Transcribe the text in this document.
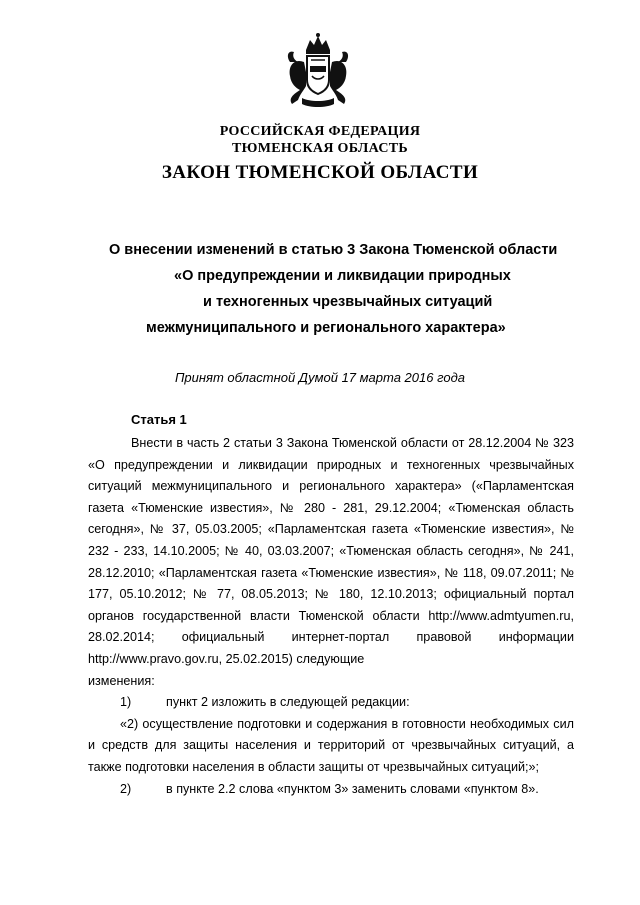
РОССИЙСКАЯ ФЕДЕРАЦИЯ
ТЮМЕНСКАЯ ОБЛАСТЬ
ЗАКОН ТЮМЕНСКОЙ ОБЛАСТИ
О внесении изменений в статью 3 Закона Тюменской области
«О предупреждении и ликвидации природных
и техногенных чрезвычайных ситуаций
межмуниципального и регионального характера»
Принят областной Думой 17 марта 2016 года
Статья 1

Внести в часть 2 статьи 3 Закона Тюменской области от 28.12.2004 № 323 «О предупреждении и ликвидации природных и техногенных чрезвычайных ситуаций межмуниципального и регионального характера» («Парламентская газета «Тюменские известия», № 280 - 281, 29.12.2004; «Тюменская область сегодня», № 37, 05.03.2005; «Парламентская газета «Тюменские известия», № 232 - 233, 14.10.2005; № 40, 03.03.2007; «Тюменская область сегодня», № 241, 28.12.2010; «Парламентская газета «Тюменские известия», № 118, 09.07.2011; № 177, 05.10.2012; № 77, 08.05.2013; № 180, 12.10.2013; официальный портал органов государственной власти Тюменской области http://www.admtyumen.ru, 28.02.2014; официальный интернет-портал правовой информации http://www.pravo.gov.ru, 25.02.2015) следующие

изменения:

1)	пункт 2 изложить в следующей редакции:

«2) осуществление подготовки и содержания в готовности необходимых сил и средств для защиты населения и территорий от чрезвычайных ситуаций, а также подготовки населения в области защиты от чрезвычайных ситуаций;»;

2)	в пункте 2.2 слова «пунктом 3» заменить словами «пунктом 8».
